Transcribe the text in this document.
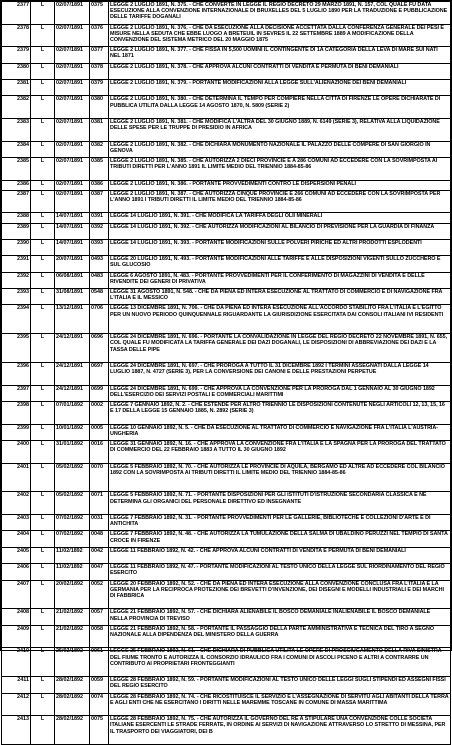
2377	L	02/07/1891	0375	LEGGE 2 LUGLIO 1891, N. 375. - CHE CONVERTE IN LEGGE IL REGIO DECRETO 29 MARZO 1891, N. 157, COL QUALE FU DATA ESECUZIONE ALLA CONVENZIONE INTERNAZIONALE DI BRUXELLES DEL 5 LUGLIO 1890 PER LA TRADUZIONE E PUBBLICAZIONE DELLE TARIFFE DOGANALI

2378	L	02/07/1891	0376	LEGGE 2 LUGLIO 1891, N. 376. - CHE DA ESECUZIONE ALLA DECISIONE ACCETTATA DALLA CONFERENZA GENERALE DEI PESI E MISURE NELLA SEDUTA CHE EBBE LUOGO A BRETEUIL IN SEVRES IL 22 SETTEMBRE 1889 A MODIFICAZIONE DELLA CONVENZIONE DEL SISTEMA METRICO DEL 20 MAGGIO 1875

2379	L	02/07/1891	0377	LEGGE 2 LUGLIO 1891, N. 377. - CHE FISSA IN 5,500 UOMINI IL CONTINGENTE DI 1A CATEGORIA DELLA LEVA DI MARE SUI NATI NEL 1871

2380	L	02/07/1891	0378	LEGGE 2 LUGLIO 1891, N. 378. - CHE APPROVA ALCUNI CONTRATTI DI VENDITA E PERMUTA DI BENI DEMANIALI

2381	L	02/07/1891	0379	LEGGE 2 LUGLIO 1891, N. 379. - PORTANTE MODIFICAZIONI ALLA LEGGE SULL'ALIENAZIONE DEI BENI DEMANIALI

2382	L	02/07/1891	0380	LEGGE 2 LUGLIO 1891, N. 380. - CHE DETERMINA IL TEMPO PER COMPIERE NELLA CITTA DI FIRENZE LE OPERE DICHIARATE DI PUBBLICA UTILITA DALLA LEGGE 14 AGOSTO 1870, N. 5809 (SERIE 2)

2383	L	02/07/1891	0381	LEGGE 2 LUGLIO 1891, N. 381. - CHE MODIFICA L'ALTRA DEL 30 GIUGNO 1889, N. 6149 (SERIE 3), RELATIVA ALLA LIQUIDAZIONE DELLE SPESE PER LE TRUPPE DI PRESIDIO IN AFRICA

2384	L	02/07/1891	0382	LEGGE 2 LUGLIO 1891, N. 382. - CHE DICHIARA MONUMENTO NAZIONALE IL PALAZZO DELLE COMPERE DI SAN GIORGIO IN GENOVA

2385	L	02/07/1891	0385	LEGGE 2 LUGLIO 1891, N. 385. - CHE AUTORIZZA 2 DIECI PROVINCIE E A 286 COMUNI AD ECCEDERE CON LA SOVRIMPOSTA AI TRIBUTI DIRETTI PER L'ANNO 1891 IL LIMITE MEDIO DEL TRIENNIO 1884-85-86

2386	L	02/07/1891	0386	LEGGE 2 LUGLIO 1891, N. 386. - PORTANTE PROVVEDIMENTI CONTRO LE DISPERSIONI PENALI

2387	L	02/07/1891	0387	LEGGE 2 LUGLIO 1891, N. 387. - CHE AUTORIZZA CINQUE PROVINCIE E 266 COMUNI AD ECCEDERE CON LA SOVRIMPOSTA PER L'ANNO 1891 I TRIBUTI DIRETTI IL LIMITE MEDIO DEL TRIENNIO 1884-85-86

2388	L	14/07/1891	0391	LEGGE 14 LUGLIO 1891, N. 391. - CHE MODIFICA LA TARIFFA DEGLI OLII MINERALI

2389	L	14/07/1891	0392	LEGGE 14 LUGLIO 1891, N. 392. - CHE AUTORIZZA MODIFICAZIONI AL BILANCIO DI PREVISIONE PER LA GUARDIA DI FINANZA

2390	L	14/07/1891	0393	LEGGE 14 LUGLIO 1891, N. 393. - PORTANTE MODIFICAZIONI SULLE POLVERI PIRICHE ED ALTRI PRODOTTI ESPLODENTI

2391	L	20/07/1891	0493	LEGGE 20 LUGLIO 1891, N. 493. - PORTANTE MODIFICAZIONI ALLE TARIFFE E ALLE DISPOSIZIONI VIGENTI SULLO ZUCCHERO E SUL GLUCOSIO

2392	L	06/08/1891	0483	LEGGE 6 AGOSTO 1891, N. 483. - PORTANTE PROVVEDIMENTI PER IL CONFERIMENTO DI MAGAZZINI DI VENDITA E DELLE RIVENDITE DEI GENERI DI PRIVATIVA

2393	L	31/08/1891	0548	LEGGE 31 AGOSTO 1891, N. 548. - CHE DA PIENA ED INTERA ESECUZIONE AL TRATTATO DI COMMERCIO E DI NAVIGAZIONE FRA L'ITALIA E IL MESSICO

2394	L	13/12/1891	0706	LEGGE 13 DICEMBRE 1891, N. 706. - CHE DA PIENA ED INTERA ESECUZIONE ALL'ACCORDO STABILITO FRA L'ITALIA E L'EGITTO PER UN NUOVO PERIODO QUINQUENNALE RIGUARDANTE LA GIURISDIZIONE ESERCITATA DAI CONSOLI ITALIANI IVI RESIDENTI

2395	L	24/12/1891	0696	LEGGE 24 DICEMBRE 1891, N. 696. - PORTANTE LA CONVALIDAZIONE IN LEGGE DEL REGIO DECRETO 22 NOVEMBRE 1891, N. 655, COL QUALE FU MODIFICATA LA TARIFFA GENERALE DEI DAZI DOGANALI, LE DISPOSIZIONI DI ABBREVIAZIONE DEI DAZI E LA TASSA DELLE PIPE

2396	L	24/12/1891	0697	LEGGE 24 DICEMBRE 1891, N. 697. - CHE PROROGA A TUTTO IL 31 DICEMBRE 1892 I TERMINI ASSEGNATI DALLA LEGGE 14 LUGLIO 1887, N. 4727 (SERIE 3), PER LA CONVERSIONE DEI CANONI E DELLE PRESTAZIONI PERPETUE

2397	L	24/12/1891	0699	LEGGE 24 DICEMBRE 1891, N. 699. - CHE APPROVA LA CONVENZIONE PER LA PROROGA DAL 1 GENNAIO AL 30 GIUGNO 1892 DELL'ESERCIZIO DEI SERVIZI POSTALI E COMMERCIALI MARITTIMI

2398	L	07/01/1892	0002	LEGGE 7 GENNAIO 1892, N. 2. - CHE ESTENDE PER ALTRO TRIENNIO LE DISPOSIZIONI CONTENUTE NEGLI ARTICOLI 12, 13, 15, 16 E 17 DELLA LEGGE 15 GENNAIO 1885, N. 2892 (SERIE 3)

2399	L	10/01/1892	0005	LEGGE 10 GENNAIO 1892, N. 5. - CHE DA ESECUZIONE AL TRATTATO DI COMMERCIO E NAVIGAZIONE FRA L'ITALIA L'AUSTRIA-UNGHERIA

2400	L	31/01/1892	0016	LEGGE 31 GENNAIO 1892, N. 16. - CHE APPROVA LA CONVENZIONE FRA L'ITALIA E LA SPAGNA PER LA PROROGA DEL TRATTATO DI COMMERCIO DEL 22 FEBBRAIO 1883 A TUTTO IL 30 GIUGNO 1892

2401	L	05/02/1892	0070	LEGGE 5 FEBBRAIO 1892, N. 70. - CHE AUTORIZZA LE PROVINCIE DI AQUILA, BERGAMO ED ALTRE AD ECCEDERE COL BILANCIO 1892 CON LA SOVRIMPOSTA AI TRIBUTI DIRETTI IL LIMITE MEDIO DEL TRIENNIO 1884-85-86

2402	L	05/02/1892	0071	LEGGE 5 FEBBRAIO 1892, N. 71. - PORTANTE DISPOSIZIONI PER GLI ISTITUTI D'ISTRUZIONE SECONDARIA CLASSICA E NE DETERMINA GLI ORGANICI DEL PERSONALE DIRETTIVO ED INSEGNANTE

2403	L	07/02/1892	0031	LEGGE 7 FEBBRAIO 1892, N. 31. - PORTANTE PROVVEDIMENTI PER LE GALLERIE, BIBLIOTECHE E COLLEZIONI D'ARTE E DI ANTICHITA

2404	L	07/02/1892	0048	LEGGE 7 FEBBRAIO 1892, N. 48. - CHE AUTORIZZA LA TUMULAZIONE DELLA SALMA DI UBALDINO PERUZZI NEL TEMPIO DI SANTA CROCE IN FIRENZE

2405	L	11/02/1892	0042	LEGGE 11 FEBBRAIO 1892, N. 42. - CHE APPROVA ALCUNI CONTRATTI DI VENDITA E PERMUTA DI BENI DEMANIALI

2406	L	11/02/1892	0047	LEGGE 11 FEBBRAIO 1892, N. 47. - PORTANTE MODIFICAZIONI AL TESTO UNICO DELLA LEGGE SUL RIORDINAMENTO DEL REGIO ESERCITO

2407	L	20/02/1892	0052	LEGGE 20 FEBBRAIO 1892, N. 52. - CHE DA PIENA ED INTERA ESECUZIONE ALLA CONVENZIONE CONCLUSA FRA L'ITALIA E LA GERMANIA PER LA RECIPROCA PROTEZIONE DEI BREVETTI D'INVENZIONE, DEI DISEGNI E MODELLI INDUSTRIALI E DEI MARCHI DI FABBRICA

2408	L	21/02/1892	0057	LEGGE 21 FEBBRAIO 1892, N. 57. - CHE DICHIARA ALIENABILE IL BOSCO DEMANIALE INALIENABILE IL BOSCO DEMANIALE NELLA PROVINCIA DI TREVISO

2409	L	21/02/1892	0058	LEGGE 21 FEBBRAIO 1892, N. 58. - PORTANTE IL PASSAGGIO DELLA PARTE AMMINISTRATIVA E TECNICA DEL TIRO A SEGNO NAZIONALE ALLA DIPENDENZA DEL MINISTERO DELLA GUERRA

2410	L	25/02/1892	0061	LEGGE 25 FEBBRAIO 1892, N. 61. - CHE DICHIARA DI PUBBLICA UTILITA LE OPERE DI PROSCIUGAMENTO DELLA RIVA SINISTRA DEL FIUME TRONTO E AUTORIZZA IL CONSORZIO IDRAULICO FRA I COMUNI DI ASCOLI PICENO E ALTRI A CONTRARRE UN CONTRIBUTO AI PROPRIETARI FRONTEGGIANTI

2411	L	28/02/1892	0059	LEGGE 28 FEBBRAIO 1892, N. 59. - PORTANTE MODIFICAZIONI AL TESTO UNICO DELLE LEGGI SUGLI STIPENDI ED ASSEGNI FISSI DEL REGIO ESERCITO

2412	L	28/02/1892	0074	LEGGE 28 FEBBRAIO 1892, N. 74. - CHE RICOSTITUISCE IL SERVIZIO E L'ASSEGNAZIONE DI SERVITU AGLI ABITANTI DELLA TERRA E AGLI ENTI CHE NE ESERCITANO I DIRITTI NELLE MAREMME TOSCANE IN COMUNE DI MASSA MARITTIMA

2413	L	28/02/1892	0075	LEGGE 28 FEBBRAIO 1892, N. 75. - CHE AUTORIZZA IL GOVERNO DEL RE A STIPULARE UNA CONVENZIONE COLLE SOCIETA ITALIANE ESERCENTI LE STRADE FERRATE, IN ORDINE AI SERVIZI DI NAVIGAZIONE ATTRAVERSO LO STRETTO DI MESSINA, PER IL TRASPORTO DEI VIAGGIATORI, DEI B
